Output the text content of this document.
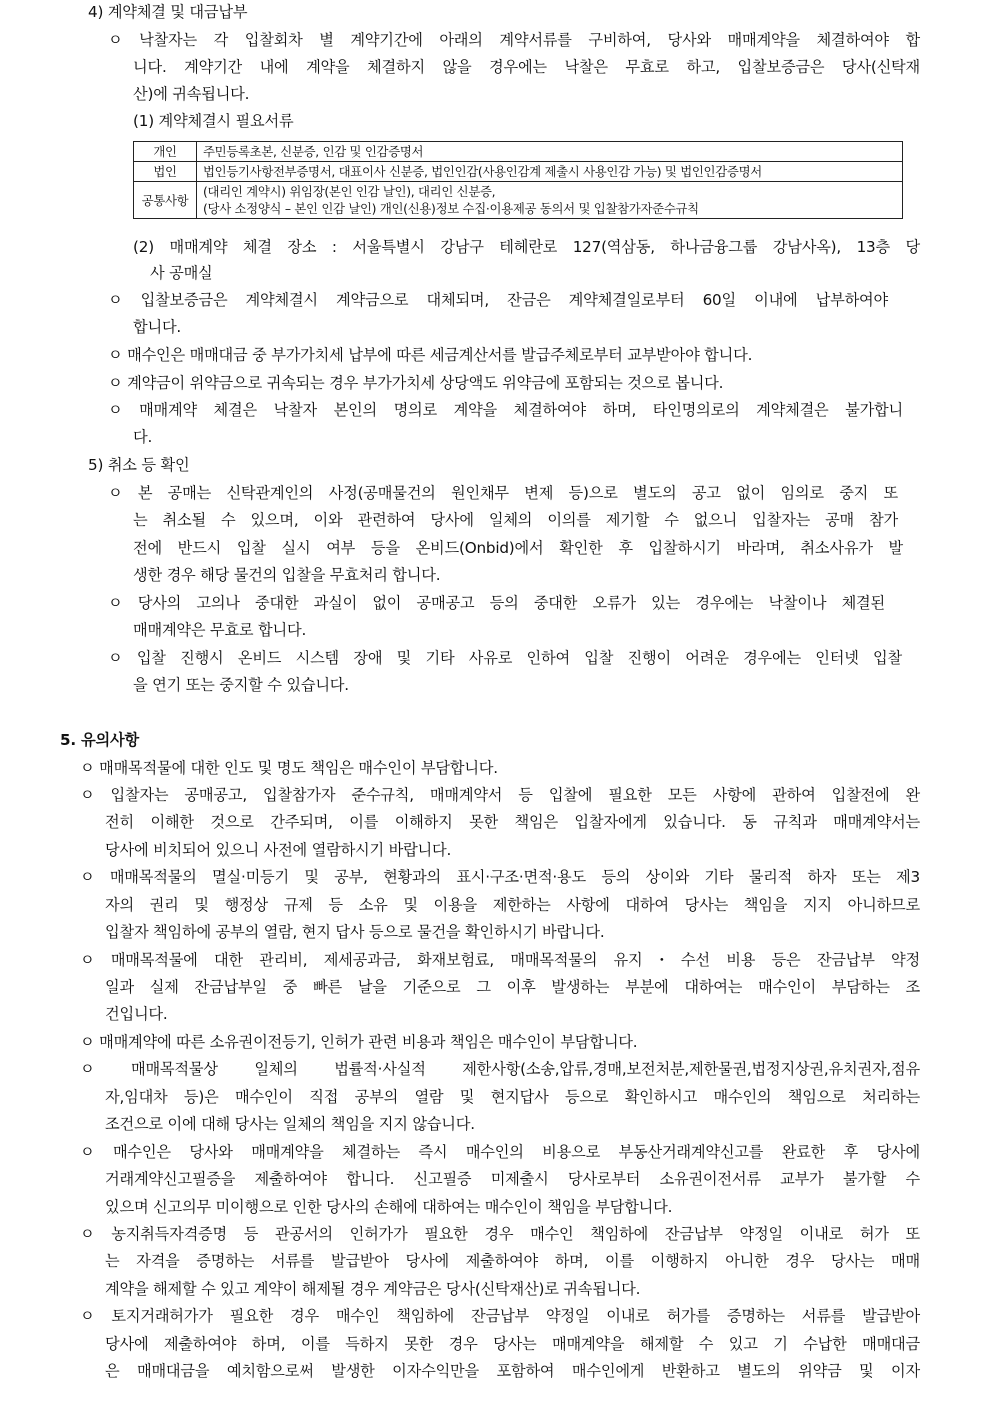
4) 계약체결 및 대금납부
ㅇ 낙찰자는 각 입찰회차 별 계약기간에 아래의 계약서류를 구비하여, 당사와 매매계약을 체결하여야 합
니다. 계약기간 내에 계약을 체결하지 않을 경우에는 낙찰은 무효로 하고, 입찰보증금은 당사(신탁재
산)에 귀속됩니다.
(1) 계약체결시 필요서류
개인	주민등록초본, 신분증, 인감 및 인감증명서
법인	법인등기사항전부증명서, 대표이사 신분증, 법인인감(사용인감계 제출시 사용인감 가능) 및 법인인감증명서
공통사항	(대리인 계약시) 위임장(본인 인감 날인), 대리인 신분증,
(당사 소정양식 – 본인 인감 날인) 개인(신용)정보 수집·이용제공 동의서 및 입찰참가자준수규칙
(2) 매매계약 체결 장소 : 서울특별시 강남구 테헤란로 127(역삼동, 하나금융그룹 강남사옥), 13층 당
사 공매실
ㅇ 입찰보증금은 계약체결시 계약금으로 대체되며, 잔금은 계약체결일로부터 60일 이내에 납부하여야
합니다.
ㅇ 매수인은 매매대금 중 부가가치세 납부에 따른 세금계산서를 발급주체로부터 교부받아야 합니다.
ㅇ 계약금이 위약금으로 귀속되는 경우 부가가치세 상당액도 위약금에 포함되는 것으로 봅니다.
ㅇ 매매계약 체결은 낙찰자 본인의 명의로 계약을 체결하여야 하며, 타인명의로의 계약체결은 불가합니
다.
5) 취소 등 확인
ㅇ 본 공매는 신탁관계인의 사정(공매물건의 원인채무 변제 등)으로 별도의 공고 없이 임의로 중지 또
는 취소될 수 있으며, 이와 관련하여 당사에 일체의 이의를 제기할 수 없으니 입찰자는 공매 참가
전에 반드시 입찰 실시 여부 등을 온비드(Onbid)에서 확인한 후 입찰하시기 바라며, 취소사유가 발
생한 경우 해당 물건의 입찰을 무효처리 합니다.
ㅇ 당사의 고의나 중대한 과실이 없이 공매공고 등의 중대한 오류가 있는 경우에는 낙찰이나 체결된
매매계약은 무효로 합니다.
ㅇ 입찰 진행시 온비드 시스템 장애 및 기타 사유로 인하여 입찰 진행이 어려운 경우에는 인터넷 입찰
을 연기 또는 중지할 수 있습니다.
5. 유의사항
ㅇ 매매목적물에 대한 인도 및 명도 책임은 매수인이 부담합니다.
ㅇ 입찰자는 공매공고, 입찰참가자 준수규칙, 매매계약서 등 입찰에 필요한 모든 사항에 관하여 입찰전에 완
전히 이해한 것으로 간주되며, 이를 이해하지 못한 책임은 입찰자에게 있습니다. 동 규칙과 매매계약서는
당사에 비치되어 있으니 사전에 열람하시기 바랍니다.
ㅇ 매매목적물의 멸실·미등기 및 공부, 현황과의 표시·구조·면적·용도 등의 상이와 기타 물리적 하자 또는 제3
자의 권리 및 행정상 규제 등 소유 및 이용을 제한하는 사항에 대하여 당사는 책임을 지지 아니하므로
입찰자 책임하에 공부의 열람, 현지 답사 등으로 물건을 확인하시기 바랍니다.
ㅇ 매매목적물에 대한 관리비, 제세공과금, 화재보험료, 매매목적물의 유지・수선 비용 등은 잔금납부 약정
일과 실제 잔금납부일 중 빠른 날을 기준으로 그 이후 발생하는 부분에 대하여는 매수인이 부담하는 조
건입니다.
ㅇ 매매계약에 따른 소유권이전등기, 인허가 관련 비용과 책임은 매수인이 부담합니다.
ㅇ 매매목적물상 일체의 법률적·사실적 제한사항(소송,압류,경매,보전처분,제한물권,법정지상권,유치권자,점유
자,임대차 등)은 매수인이 직접 공부의 열람 및 현지답사 등으로 확인하시고 매수인의 책임으로 처리하는
조건으로 이에 대해 당사는 일체의 책임을 지지 않습니다.
ㅇ 매수인은 당사와 매매계약을 체결하는 즉시 매수인의 비용으로 부동산거래계약신고를 완료한 후 당사에
거래계약신고필증을 제출하여야 합니다. 신고필증 미제출시 당사로부터 소유권이전서류 교부가 불가할 수
있으며 신고의무 미이행으로 인한 당사의 손해에 대하여는 매수인이 책임을 부담합니다.
ㅇ 농지취득자격증명 등 관공서의 인허가가 필요한 경우 매수인 책임하에 잔금납부 약정일 이내로 허가 또
는 자격을 증명하는 서류를 발급받아 당사에 제출하여야 하며, 이를 이행하지 아니한 경우 당사는 매매
계약을 해제할 수 있고 계약이 해제될 경우 계약금은 당사(신탁재산)로 귀속됩니다.
ㅇ 토지거래허가가 필요한 경우 매수인 책임하에 잔금납부 약정일 이내로 허가를 증명하는 서류를 발급받아
당사에 제출하여야 하며, 이를 득하지 못한 경우 당사는 매매계약을 해제할 수 있고 기 수납한 매매대금
은 매매대금을 예치함으로써 발생한 이자수익만을 포함하여 매수인에게 반환하고 별도의 위약금 및 이자
